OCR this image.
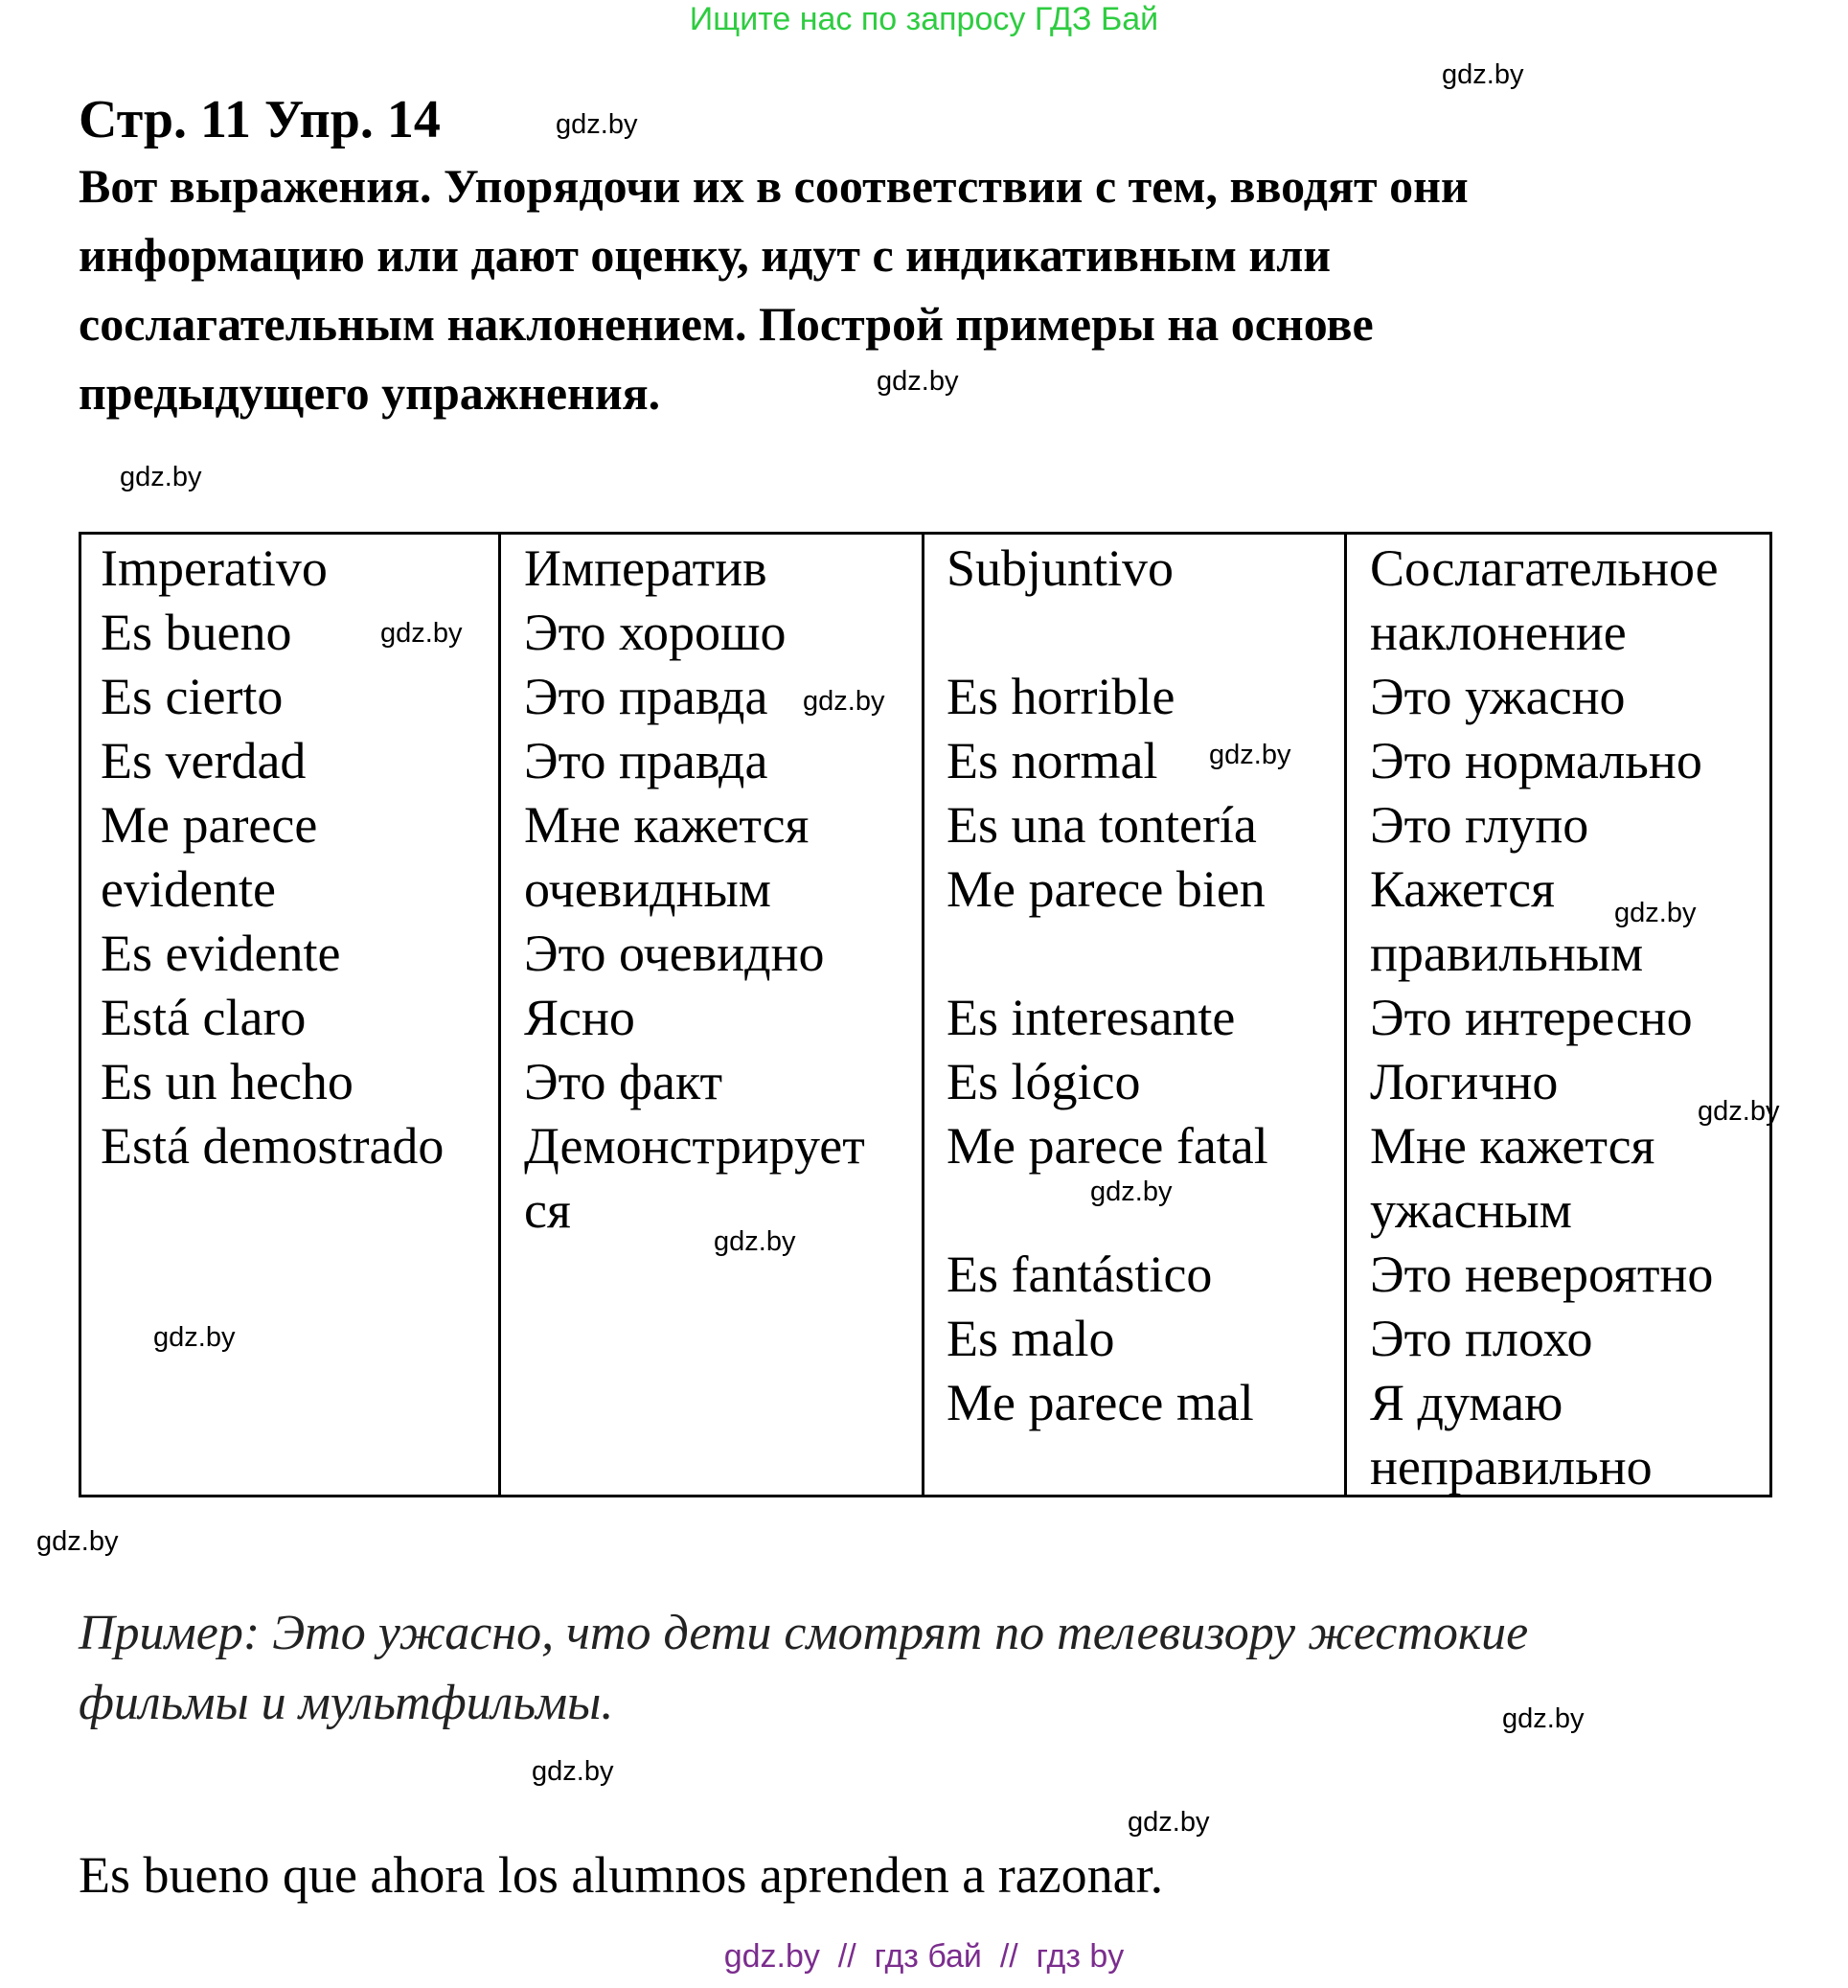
Ищите нас по запросу ГДЗ Бай
Стр. 11 Упр. 14
Вот выражения. Упорядочи их в соответствии с тем, вводят они
информацию или дают оценку, идут с индикативным или
сослагательным наклонением. Построй примеры на основе
предыдущего упражнения.
Imperativo
Es bueno
Es cierto
Es verdad
Me parece
evidente
Es evidente
Está claro
Es un hecho
Está demostrado
Императив
Это хорошо
Это правда
Это правда
Мне кажется
очевидным
Это очевидно
Ясно
Это факт
Демонстрирует
ся
Subjuntivo
Es horrible
Es normal
Es una tontería
Me parece bien
Es interesante
Es lógico
Me parece fatal
Es fantástico
Es malo
Me parece mal
Сослагательное
наклонение
Это ужасно
Это нормально
Это глупо
Кажется
правильным
Это интересно
Логично
Мне кажется
ужасным
Это невероятно
Это плохо
Я думаю
неправильно
Пример: Это ужасно, что дети смотрят по телевизору жестокие
фильмы и мультфильмы.
Es bueno que ahora los alumnos aprenden a razonar.
gdz.by  //  гдз бай  //  гдз by
gdz.by
gdz.by
gdz.by
gdz.by
gdz.by
gdz.by
gdz.by
gdz.by
gdz.by
gdz.by
gdz.by
gdz.by
gdz.by
gdz.by
gdz.by
gdz.by
